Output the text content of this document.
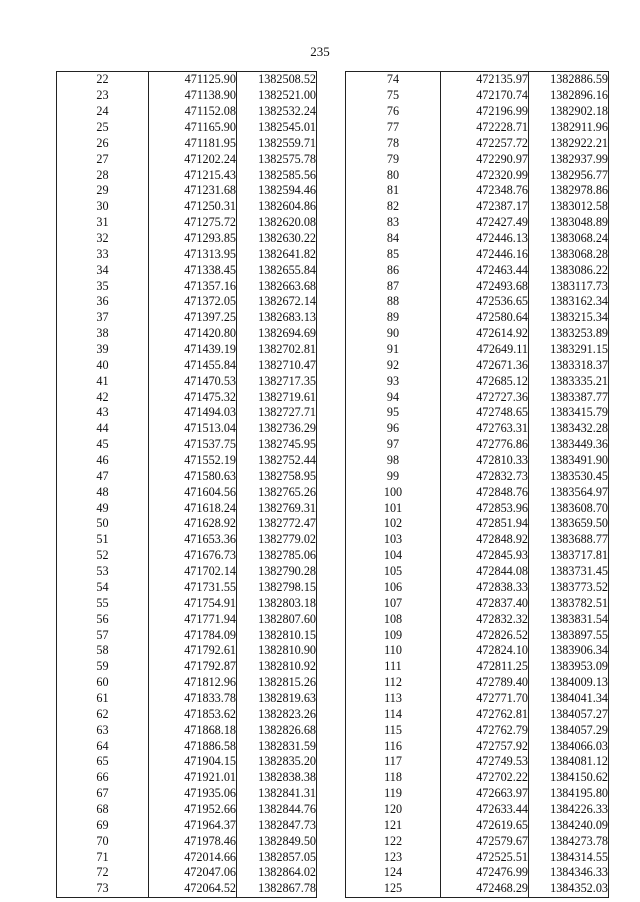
235
22	471125.90	1382508.52
23	471138.90	1382521.00
24	471152.08	1382532.24
25	471165.90	1382545.01
26	471181.95	1382559.71
27	471202.24	1382575.78
28	471215.43	1382585.56
29	471231.68	1382594.46
30	471250.31	1382604.86
31	471275.72	1382620.08
32	471293.85	1382630.22
33	471313.95	1382641.82
34	471338.45	1382655.84
35	471357.16	1382663.68
36	471372.05	1382672.14
37	471397.25	1382683.13
38	471420.80	1382694.69
39	471439.19	1382702.81
40	471455.84	1382710.47
41	471470.53	1382717.35
42	471475.32	1382719.61
43	471494.03	1382727.71
44	471513.04	1382736.29
45	471537.75	1382745.95
46	471552.19	1382752.44
47	471580.63	1382758.95
48	471604.56	1382765.26
49	471618.24	1382769.31
50	471628.92	1382772.47
51	471653.36	1382779.02
52	471676.73	1382785.06
53	471702.14	1382790.28
54	471731.55	1382798.15
55	471754.91	1382803.18
56	471771.94	1382807.60
57	471784.09	1382810.15
58	471792.61	1382810.90
59	471792.87	1382810.92
60	471812.96	1382815.26
61	471833.78	1382819.63
62	471853.62	1382823.26
63	471868.18	1382826.68
64	471886.58	1382831.59
65	471904.15	1382835.20
66	471921.01	1382838.38
67	471935.06	1382841.31
68	471952.66	1382844.76
69	471964.37	1382847.73
70	471978.46	1382849.50
71	472014.66	1382857.05
72	472047.06	1382864.02
73	472064.52	1382867.78
74	472135.97	1382886.59
75	472170.74	1382896.16
76	472196.99	1382902.18
77	472228.71	1382911.96
78	472257.72	1382922.21
79	472290.97	1382937.99
80	472320.99	1382956.77
81	472348.76	1382978.86
82	472387.17	1383012.58
83	472427.49	1383048.89
84	472446.13	1383068.24
85	472446.16	1383068.28
86	472463.44	1383086.22
87	472493.68	1383117.73
88	472536.65	1383162.34
89	472580.64	1383215.34
90	472614.92	1383253.89
91	472649.11	1383291.15
92	472671.36	1383318.37
93	472685.12	1383335.21
94	472727.36	1383387.77
95	472748.65	1383415.79
96	472763.31	1383432.28
97	472776.86	1383449.36
98	472810.33	1383491.90
99	472832.73	1383530.45
100	472848.76	1383564.97
101	472853.96	1383608.70
102	472851.94	1383659.50
103	472848.92	1383688.77
104	472845.93	1383717.81
105	472844.08	1383731.45
106	472838.33	1383773.52
107	472837.40	1383782.51
108	472832.32	1383831.54
109	472826.52	1383897.55
110	472824.10	1383906.34
111	472811.25	1383953.09
112	472789.40	1384009.13
113	472771.70	1384041.34
114	472762.81	1384057.27
115	472762.79	1384057.29
116	472757.92	1384066.03
117	472749.53	1384081.12
118	472702.22	1384150.62
119	472663.97	1384195.80
120	472633.44	1384226.33
121	472619.65	1384240.09
122	472579.67	1384273.78
123	472525.51	1384314.55
124	472476.99	1384346.33
125	472468.29	1384352.03
